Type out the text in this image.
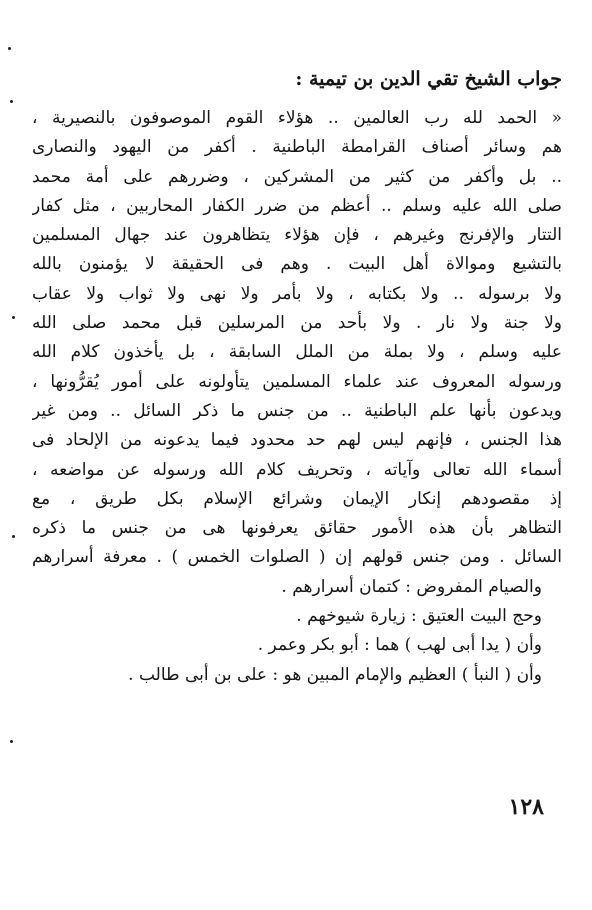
جواب الشيخ تقي الدين بن تيمية :
« الحمد لله رب العالمين .. هؤلاء القوم الموصوفون بالنصيرية ،
هم وسائر أصناف القرامطة الباطنية . أكفر من اليهود والنصارى
.. بل وأكفر من كثير من المشركين ، وضررهم على أمة محمد
صلى الله عليه وسلم .. أعظم من ضرر الكفار المحاربين ، مثل كفار
التتار والإفرنج وغيرهم ، فإن هؤلاء يتظاهرون عند جهال المسلمين
بالتشيع وموالاة أهل البيت . وهم فى الحقيقة لا يؤمنون بالله
ولا برسوله .. ولا بكتابه ، ولا بأمر ولا نهى ولا ثواب ولا عقاب
ولا جنة ولا نار . ولا بأحد من المرسلين قبل محمد صلى الله
عليه وسلم ، ولا بملة من الملل السابقة ، بل يأخذون كلام الله
ورسوله المعروف عند علماء المسلمين يتأولونه على أمور يُقرُّونها ،
ويدعون بأنها علم الباطنية .. من جنس ما ذكر السائل .. ومن غير
هذا الجنس ، فإنهم ليس لهم حد محدود فيما يدعونه من الإلحاد فى
أسماء الله تعالى وآياته ، وتحريف كلام الله ورسوله عن مواضعه ،
إذ مقصودهم إنكار الإيمان وشرائع الإسلام بكل طريق ، مع
التظاهر بأن هذه الأمور حقائق يعرفونها هى من جنس ما ذكره
السائل . ومن جنس قولهم إن ( الصلوات الخمس ) . معرفة أسرارهم
والصيام المفروض : كتمان أسرارهم .
وحج البيت العتيق : زيارة شيوخهم .
وأن ( يدا أبى لهب ) هما : أبو بكر وعمر .
وأن ( النبأ ) العظيم والإمام المبين هو : على بن أبى طالب .
١٢٨
